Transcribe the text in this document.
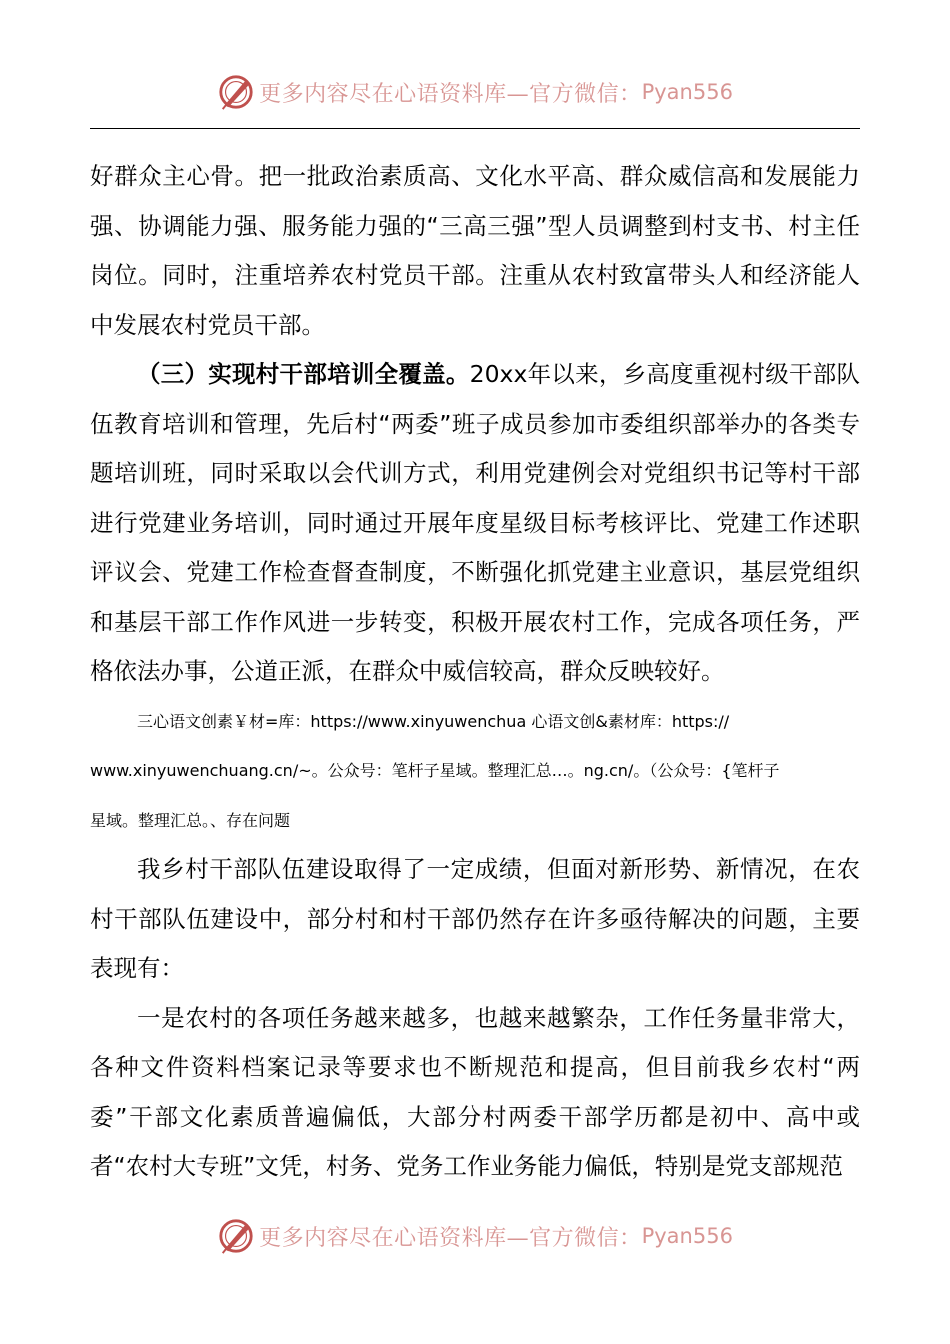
更多内容尽在心语资料库—官方微信： Pyan556

好群众主心骨。把一批政治素质高、文化水平高、群众威信高和发展能力强、协调能力强、服务能力强的“三高三强”型人员调整到村支书、村主任岗位。同时，注重培养农村党员干部。注重从农村致富带头人和经济能人中发展农村党员干部。

（三）实现村干部培训全覆盖。20xx年以来，乡高度重视村级干部队伍教育培训和管理，先后村“两委”班子成员参加市委组织部举办的各类专题培训班，同时采取以会代训方式，利用党建例会对党组织书记等村干部进行党建业务培训，同时通过开展年度星级目标考核评比、党建工作述职评议会、党建工作检查督查制度，不断强化抓党建主业意识，基层党组织和基层干部工作作风进一步转变，积极开展农村工作，完成各项任务，严格依法办事，公道正派，在群众中威信较高，群众反映较好。

三心语文创素￥材=库：https://www.xinyuwenchua 心语文创&素材库：https://

www.xinyuwenchuang.cn/~。公众号：笔杆子星域。整理汇总…。ng.cn/。（公众号：{笔杆子

星域。整理汇总。、存在问题

我乡村干部队伍建设取得了一定成绩，但面对新形势、新情况，在农村干部队伍建设中，部分村和村干部仍然存在许多亟待解决的问题，主要表现有：

一是农村的各项任务越来越多，也越来越繁杂，工作任务量非常大，各种文件资料档案记录等要求也不断规范和提高，但目前我乡农村“两委”干部文化素质普遍偏低，大部分村两委干部学历都是初中、高中或者“农村大专班”文凭，村务、党务工作业务能力偏低，特别是党支部规范

更多内容尽在心语资料库—官方微信： Pyan556
